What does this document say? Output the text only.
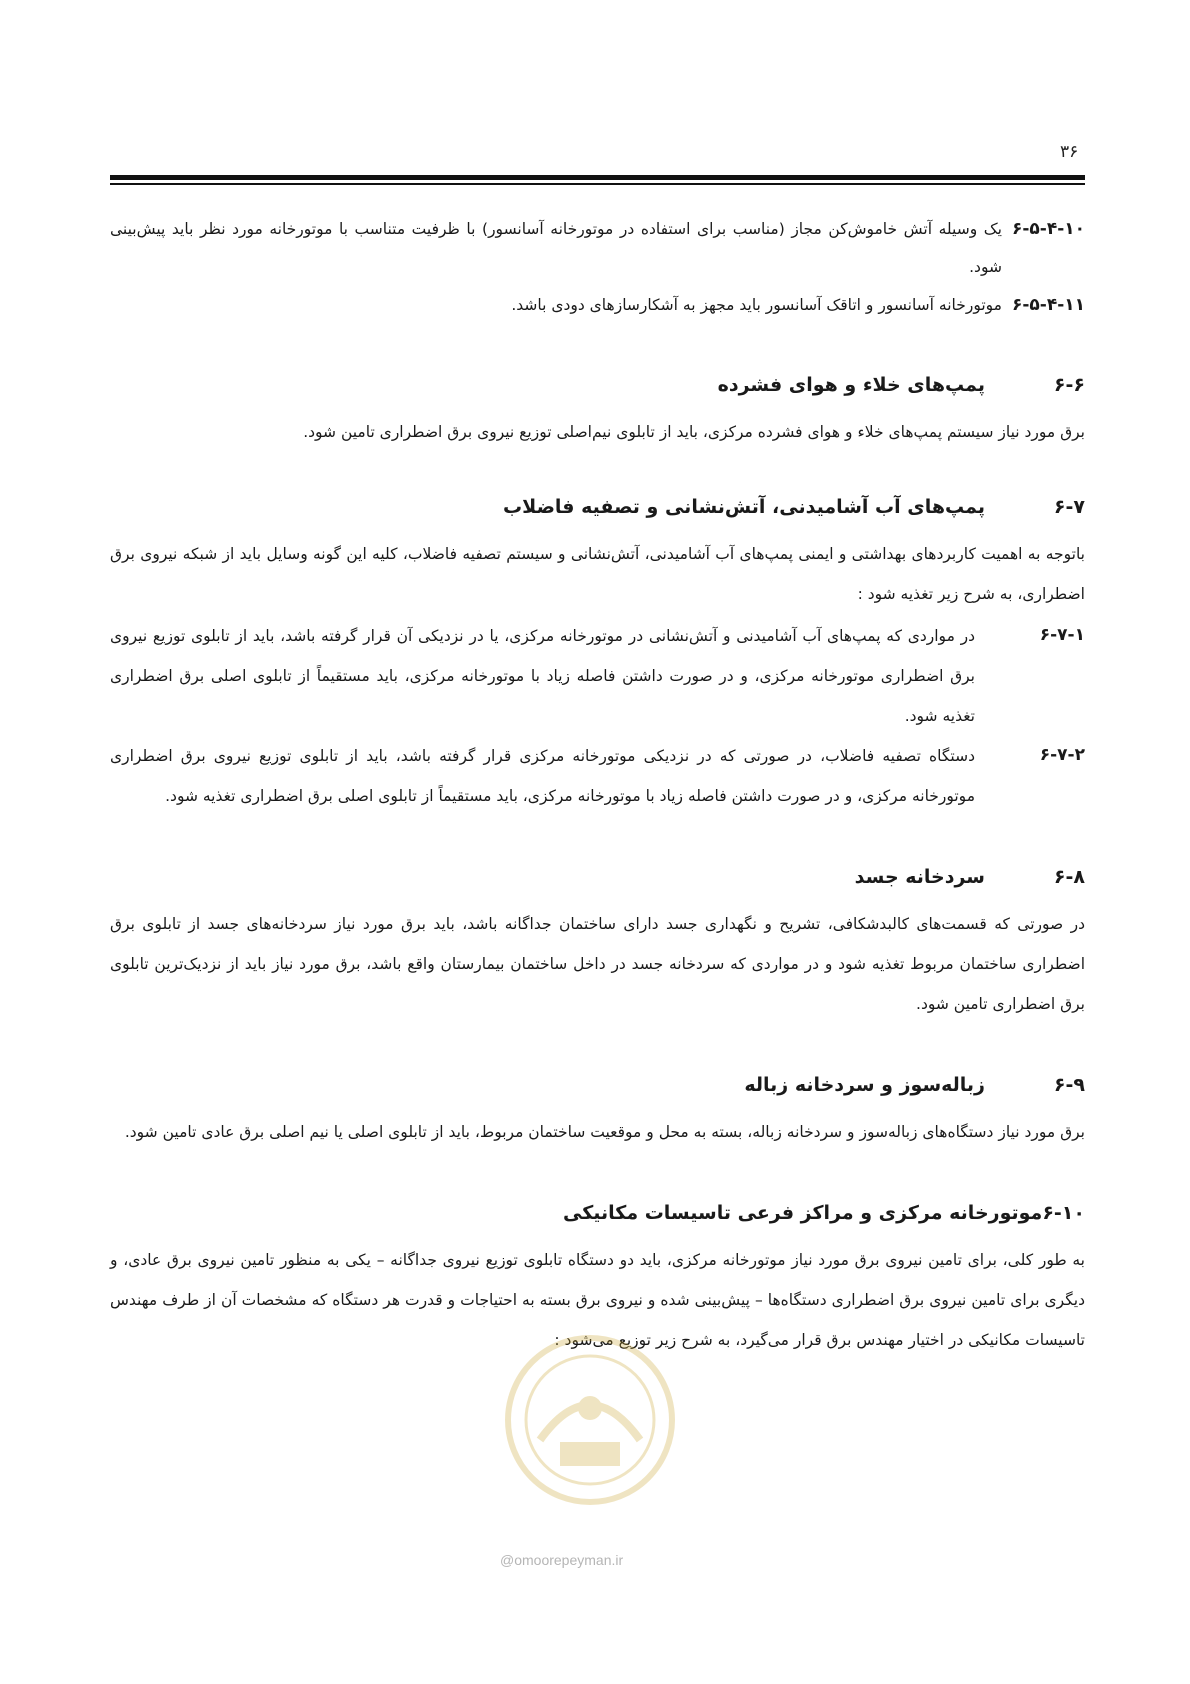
۳۶
۶-۵-۴-۱۰
یک وسیله آتش خاموش‌کن مجاز (مناسب برای استفاده در موتورخانه آسانسور) با ظرفیت متناسب با موتورخانه مورد نظر باید پیش‌بینی شود.
۶-۵-۴-۱۱
موتورخانه آسانسور و اتاقک آسانسور باید مجهز به آشکارسازهای دودی باشد.
۶-۶
پمپ‌های خلاء و هوای فشرده
برق مورد نیاز سیستم پمپ‌های خلاء و هوای فشرده مرکزی، باید از تابلوی نیم‌اصلی توزیع نیروی برق اضطراری تامین شود.
۶-۷
پمپ‌های آب آشامیدنی، آتش‌نشانی و تصفیه فاضلاب
باتوجه به اهمیت کاربردهای بهداشتی و ایمنی پمپ‌های آب آشامیدنی، آتش‌نشانی و سیستم تصفیه فاضلاب، کلیه این گونه وسایل باید از شبکه نیروی برق اضطراری، به شرح زیر تغذیه شود :
۶-۷-۱
در مواردی که پمپ‌های آب آشامیدنی و آتش‌نشانی در موتورخانه مرکزی، یا در نزدیکی آن قرار گرفته باشد، باید از تابلوی توزیع نیروی برق اضطراری موتورخانه مرکزی، و در صورت داشتن فاصله زیاد با موتورخانه مرکزی، باید مستقیماً از تابلوی اصلی برق اضطراری تغذیه شود.
۶-۷-۲
دستگاه تصفیه فاضلاب، در صورتی که در نزدیکی موتورخانه مرکزی قرار گرفته باشد، باید از تابلوی توزیع نیروی برق اضطراری موتورخانه مرکزی، و در صورت داشتن فاصله زیاد با موتورخانه مرکزی، باید مستقیماً از تابلوی اصلی برق اضطراری تغذیه شود.
۶-۸
سردخانه جسد
در صورتی که قسمت‌های کالبدشکافی، تشریح و نگهداری جسد دارای ساختمان جداگانه باشد، باید برق مورد نیاز سردخانه‌های جسد از تابلوی برق اضطراری ساختمان مربوط تغذیه شود و در مواردی که سردخانه جسد در داخل ساختمان بیمارستان واقع باشد، برق مورد نیاز باید از نزدیک‌ترین تابلوی برق اضطراری تامین شود.
۶-۹
زباله‌سوز و سردخانه زباله
برق مورد نیاز دستگاه‌های زباله‌سوز و سردخانه زباله، بسته به محل و موقعیت ساختمان مربوط، باید از تابلوی اصلی یا نیم اصلی برق عادی تامین شود.
۶-۱۰
موتورخانه مرکزی و مراکز فرعی تاسیسات مکانیکی
به طور کلی، برای تامین نیروی برق مورد نیاز موتورخانه مرکزی، باید دو دستگاه تابلوی توزیع نیروی جداگانه – یکی به منظور تامین نیروی برق عادی، و دیگری برای تامین نیروی برق اضطراری دستگاه‌ها – پیش‌بینی شده و نیروی برق بسته به احتیاجات و قدرت هر دستگاه که مشخصات آن از طرف مهندس تاسیسات مکانیکی در اختیار مهندس برق قرار می‌گیرد، به شرح زیر توزیع می‌شود :
@omoorepeyman.ir
